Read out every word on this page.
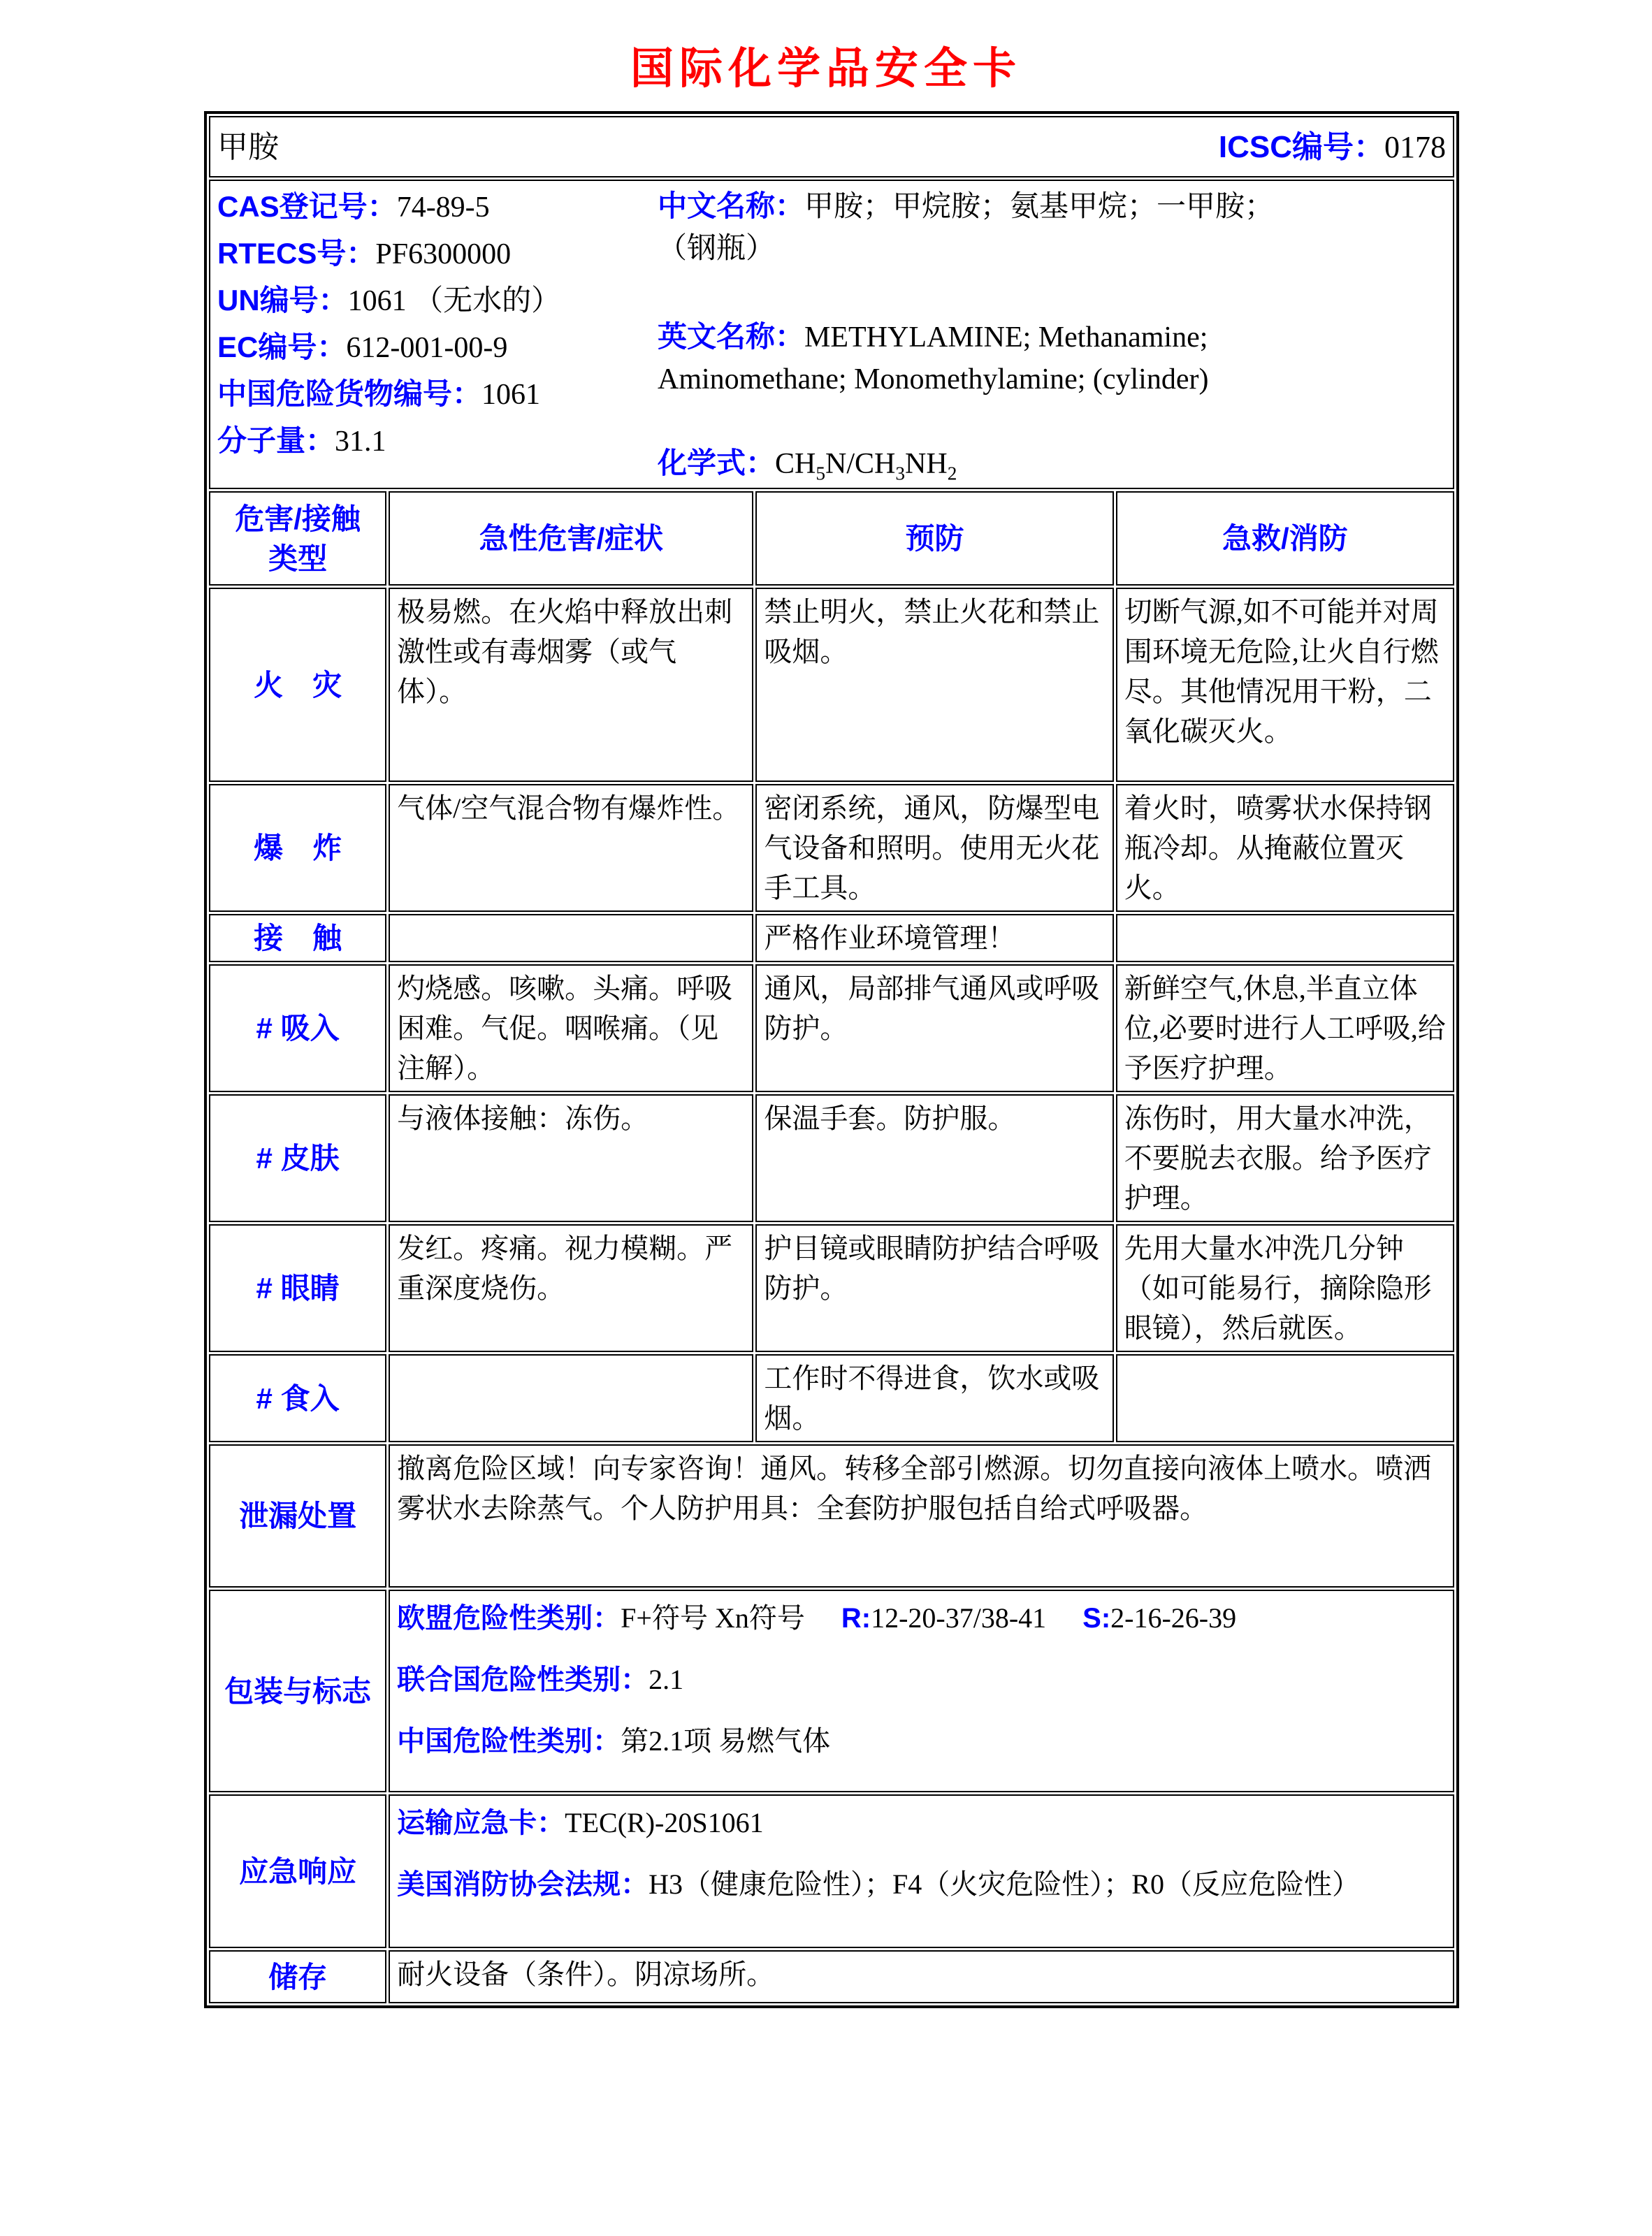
国际化学品安全卡
甲胺 ICSC编号：0178			

CAS登记号：74-89-5
RTECS号：PF6300000
UN编号：1061 （无水的）
EC编号：612-001-00-9
中国危险货物编号：1061
分子量：31.1
中文名称：甲胺；甲烷胺；氨基甲烷；一甲胺；
（钢瓶）
英文名称：METHYLAMINE; Methanamine;
Aminomethane; Monomethylamine; (cylinder)
化学式：$CH_5N/CH_3NH_2$

危害/接触
类型	急性危害/症状	预防	急救/消防
火　灾	极易燃。在火焰中释放出刺激性或有毒烟雾（或气体）。	禁止明火，禁止火花和禁止吸烟。	切断气源,如不可能并对周围环境无危险,让火自行燃尽。其他情况用干粉，二氧化碳灭火。
爆　炸	气体/空气混合物有爆炸性。	密闭系统，通风，防爆型电气设备和照明。使用无火花手工具。	着火时，喷雾状水保持钢瓶冷却。从掩蔽位置灭火。
接　触		严格作业环境管理！	
# 吸入	灼烧感。咳嗽。头痛。呼吸困难。气促。咽喉痛。（见注解）。	通风，局部排气通风或呼吸防护。	新鲜空气,休息,半直立体位,必要时进行人工呼吸,给予医疗护理。
# 皮肤	与液体接触：冻伤。	保温手套。防护服。	冻伤时，用大量水冲洗，不要脱去衣服。给予医疗护理。
# 眼睛	发红。疼痛。视力模糊。严重深度烧伤。	护目镜或眼睛防护结合呼吸防护。	先用大量水冲洗几分钟（如可能易行，摘除隐形眼镜），然后就医。
# 食入		工作时不得进食，饮水或吸烟。	
泄漏处置	撤离危险区域！向专家咨询！通风。转移全部引燃源。切勿直接向液体上喷水。喷洒雾状水去除蒸气。个人防护用具：全套防护服包括自给式呼吸器。		
包装与标志	欧盟危险性类别：F+符号 Xn符号 R:12-20-37/38-41 S:2-16-26-39
联合国危险性类别：2.1
中国危险性类别：第2.1项 易燃气体		

应急响应	运输应急卡：TEC(R)-20S1061
美国消防协会法规：H3（健康危险性）；F4（火灾危险性）；R0（反应危险性）		

储存	耐火设备（条件）。阴凉场所。		
